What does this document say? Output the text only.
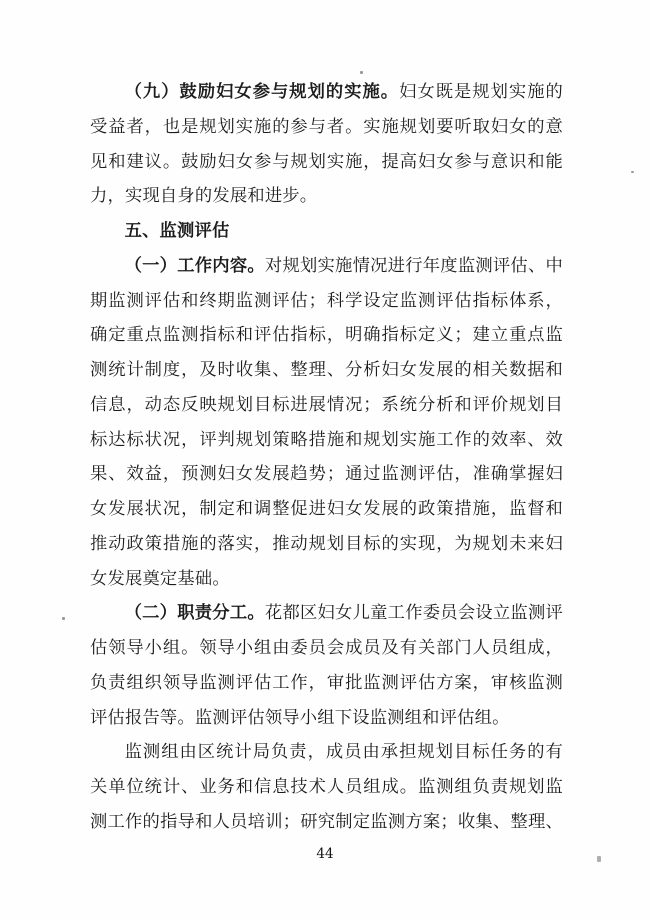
（九）鼓励妇女参与规划的实施。妇女既是规划实施的
受益者，也是规划实施的参与者。实施规划要听取妇女的意
见和建议。鼓励妇女参与规划实施，提高妇女参与意识和能
力，实现自身的发展和进步。
五、监测评估
（一）工作内容。对规划实施情况进行年度监测评估、中
期监测评估和终期监测评估；科学设定监测评估指标体系，
确定重点监测指标和评估指标，明确指标定义；建立重点监
测统计制度，及时收集、整理、分析妇女发展的相关数据和
信息，动态反映规划目标进展情况；系统分析和评价规划目
标达标状况，评判规划策略措施和规划实施工作的效率、效
果、效益，预测妇女发展趋势；通过监测评估，准确掌握妇
女发展状况，制定和调整促进妇女发展的政策措施，监督和
推动政策措施的落实，推动规划目标的实现，为规划未来妇
女发展奠定基础。
（二）职责分工。花都区妇女儿童工作委员会设立监测评
估领导小组。领导小组由委员会成员及有关部门人员组成，
负责组织领导监测评估工作，审批监测评估方案，审核监测
评估报告等。监测评估领导小组下设监测组和评估组。
监测组由区统计局负责，成员由承担规划目标任务的有
关单位统计、业务和信息技术人员组成。监测组负责规划监
测工作的指导和人员培训；研究制定监测方案；收集、整理、
44
